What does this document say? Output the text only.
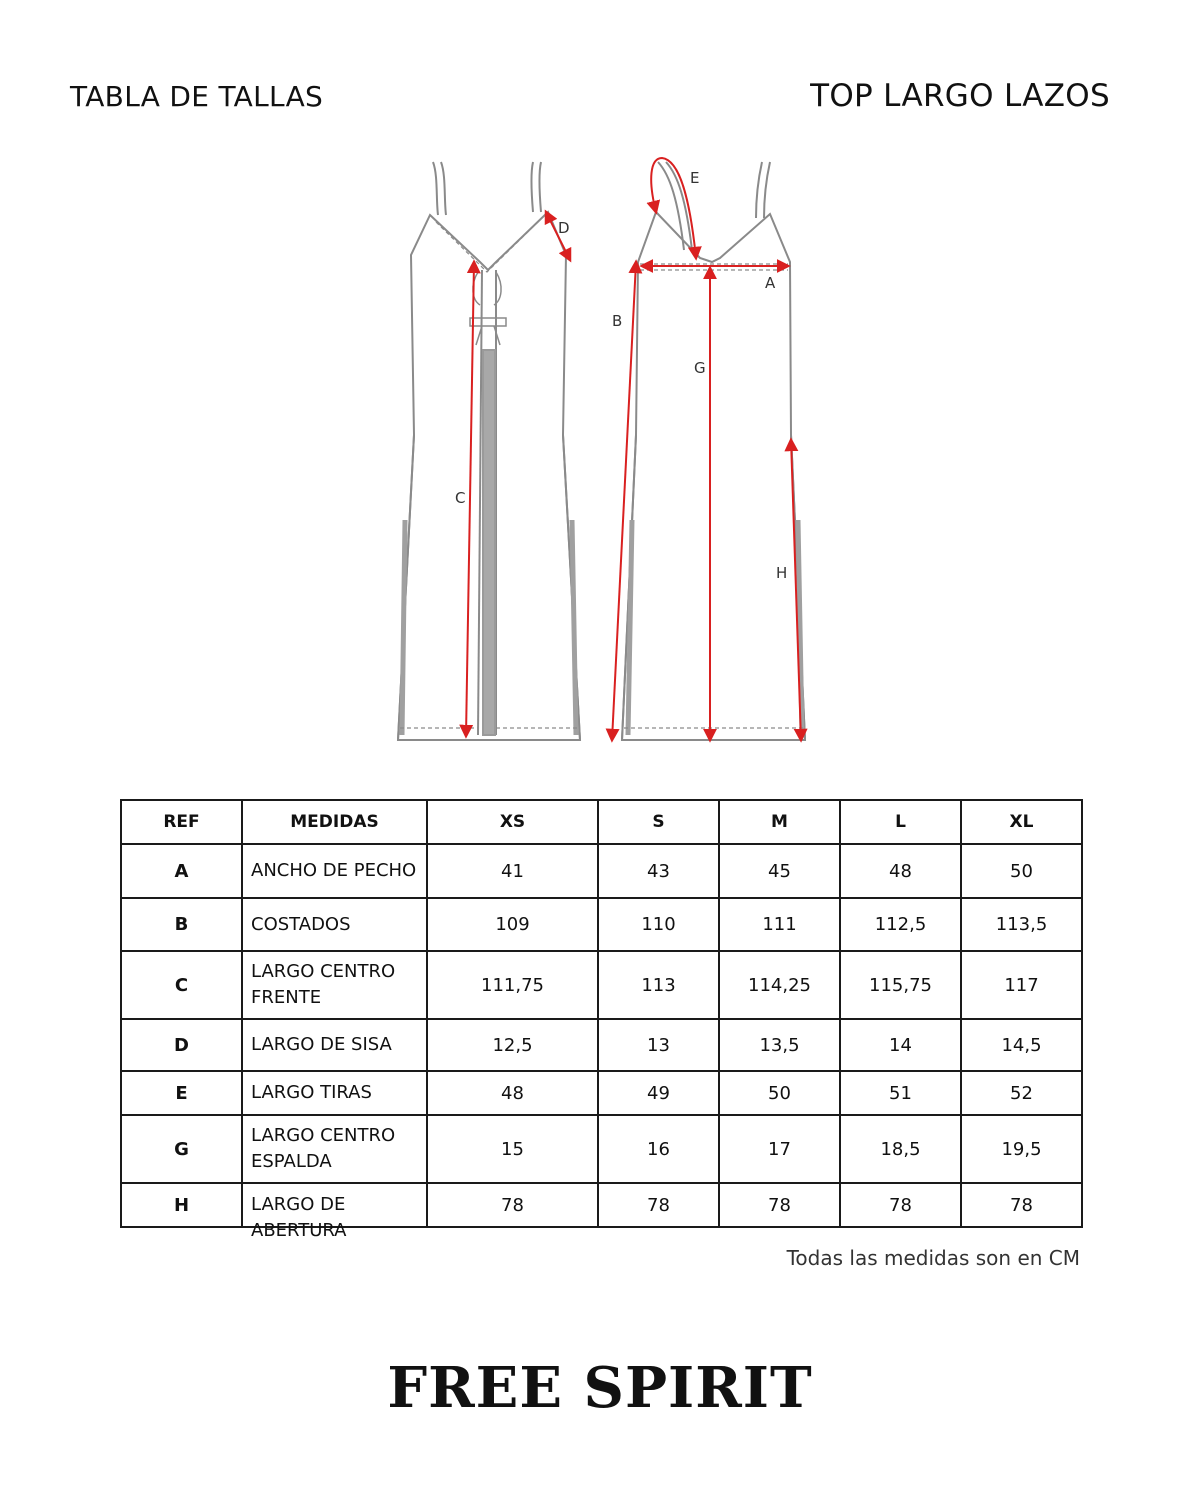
TABLA DE TALLAS	TOP LARGO LAZOS
A
B
C
D
E
G
H
REF	MEDIDAS	XS	S	M	L	XL
A	ANCHO DE PECHO	41	43	45	48	50
B	COSTADOS	109	110	111	112,5	113,5
C	LARGO CENTRO FRENTE	111,75	113	114,25	115,75	117
D	LARGO DE SISA	12,5	13	13,5	14	14,5
E	LARGO TIRAS	48	49	50	51	52
G	LARGO CENTRO ESPALDA	15	16	17	18,5	19,5
H	LARGO DE ABERTURA	78	78	78	78	78
Todas las medidas son en CM
FREE SPIRIT
